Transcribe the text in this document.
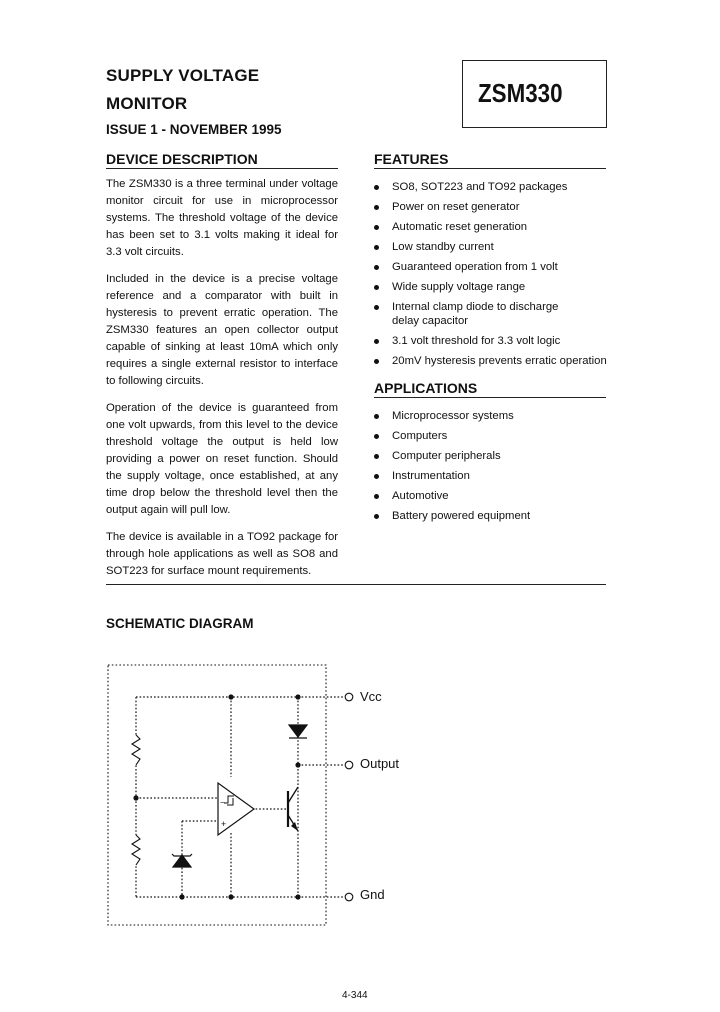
SUPPLY VOLTAGE
MONITOR
ISSUE 1 - NOVEMBER 1995
ZSM330
DEVICE DESCRIPTION

The ZSM330 is a three terminal under voltage monitor circuit for use in microprocessor systems. The threshold voltage of the device has been set to 3.1 volts making it ideal for 3.3 volt circuits.

Included in the device is a precise voltage reference and a comparator with built in hysteresis to prevent erratic operation. The ZSM330 features an open collector output capable of sinking at least 10mA which only requires a single external resistor to interface to following circuits.

Operation of the device is guaranteed from one volt upwards, from this level to the device threshold voltage the output is held low providing a power on reset function. Should the supply voltage, once established, at any time drop below the threshold level then the output again will pull low.

The device is available in a TO92 package for through hole applications as well as SO8 and SOT223 for surface mount requirements.

FEATURES
SO8, SOT223 and TO92 packages
Power on reset generator
Automatic reset generation
Low standby current
Guaranteed operation from 1 volt
Wide supply voltage range
Internal clamp diode to discharge delay capacitor
3.1 volt threshold for 3.3 volt logic
20mV hysteresis prevents erratic operation
APPLICATIONS
Microprocessor systems
Computers
Computer peripherals
Instrumentation
Automotive
Battery powered equipment
SCHEMATIC DIAGRAM
−
+
Vcc
Output
Gnd
4-344
